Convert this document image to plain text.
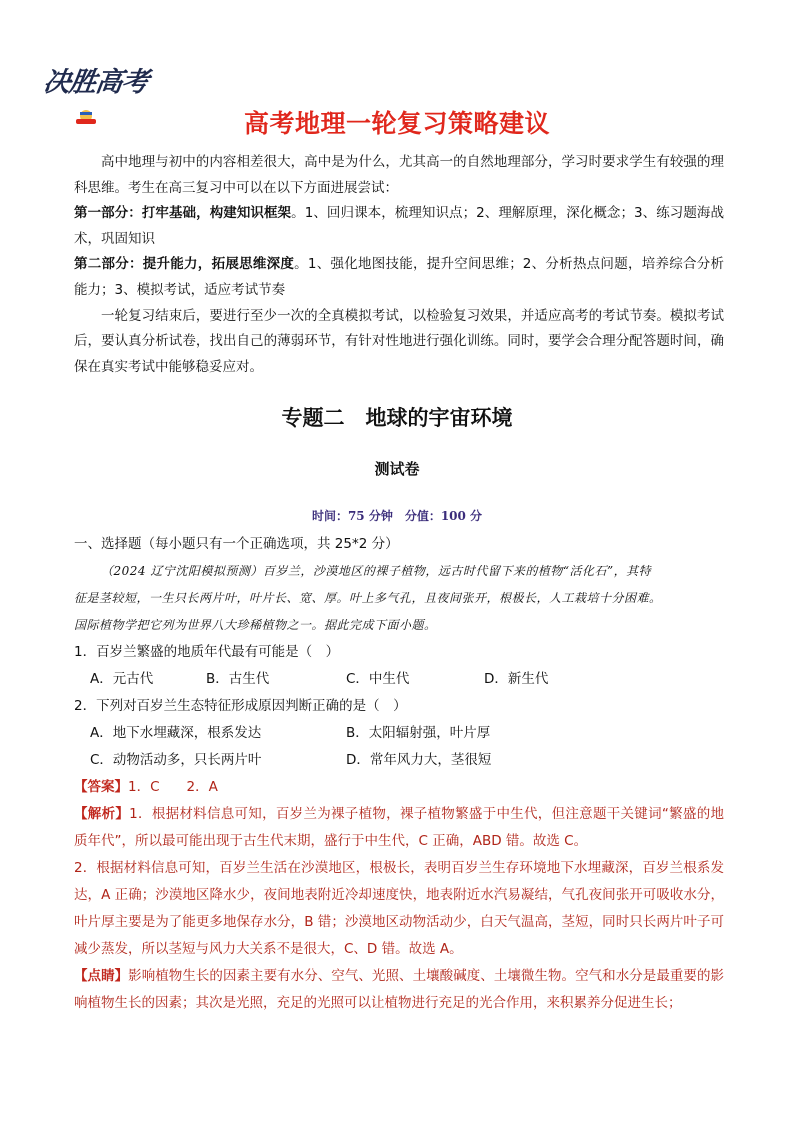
决胜高考
高考地理一轮复习策略建议

高中地理与初中的内容相差很大，高中是为什么，尤其高一的自然地理部分，学习时要求学生有较强的理科思维。考生在高三复习中可以在以下方面进展尝试：

第一部分：打牢基础，构建知识框架。1、回归课本，梳理知识点；2、理解原理，深化概念；3、练习题海战术，巩固知识

第二部分：提升能力，拓展思维深度。1、强化地图技能，提升空间思维；2、分析热点问题，培养综合分析能力；3、模拟考试，适应考试节奏

一轮复习结束后，要进行至少一次的全真模拟考试，以检验复习效果，并适应高考的考试节奏。模拟考试后，要认真分析试卷，找出自己的薄弱环节，有针对性地进行强化训练。同时，要学会合理分配答题时间，确保在真实考试中能够稳妥应对。

专题二　地球的宇宙环境
测试卷
时间：75 分钟　分值：100 分
一、选择题（每小题只有一个正确选项，共 25*2 分）
（2024 辽宁沈阳模拟预测）百岁兰，沙漠地区的裸子植物，远古时代留下来的植物“活化石”，其特
征是茎较短，一生只长两片叶，叶片长、宽、厚。叶上多气孔，且夜间张开，根极长，人工栽培十分困难。
国际植物学把它列为世界八大珍稀植物之一。据此完成下面小题。
1．百岁兰繁盛的地质年代最有可能是（　）
A．元古代	B．古生代	C．中生代	D．新生代
2．下列对百岁兰生态特征形成原因判断正确的是（　）
A．地下水埋藏深，根系发达	B．太阳辐射强，叶片厚
C．动物活动多，只长两片叶	D．常年风力大，茎很短
【答案】1．C　　2．A

【解析】1．根据材料信息可知，百岁兰为裸子植物，裸子植物繁盛于中生代，但注意题干关键词“繁盛的地质年代”，所以最可能出现于古生代末期，盛行于中生代，C 正确，ABD 错。故选 C。

2．根据材料信息可知，百岁兰生活在沙漠地区，根极长，表明百岁兰生存环境地下水埋藏深，百岁兰根系发达，A 正确；沙漠地区降水少，夜间地表附近冷却速度快，地表附近水汽易凝结，气孔夜间张开可吸收水分，叶片厚主要是为了能更多地保存水分，B 错；沙漠地区动物活动少，白天气温高，茎短，同时只长两片叶子可减少蒸发，所以茎短与风力大关系不是很大，C、D 错。故选 A。

【点睛】影响植物生长的因素主要有水分、空气、光照、土壤酸碱度、土壤微生物。空气和水分是最重要的影响植物生长的因素；其次是光照，充足的光照可以让植物进行充足的光合作用，来积累养分促进生长；
